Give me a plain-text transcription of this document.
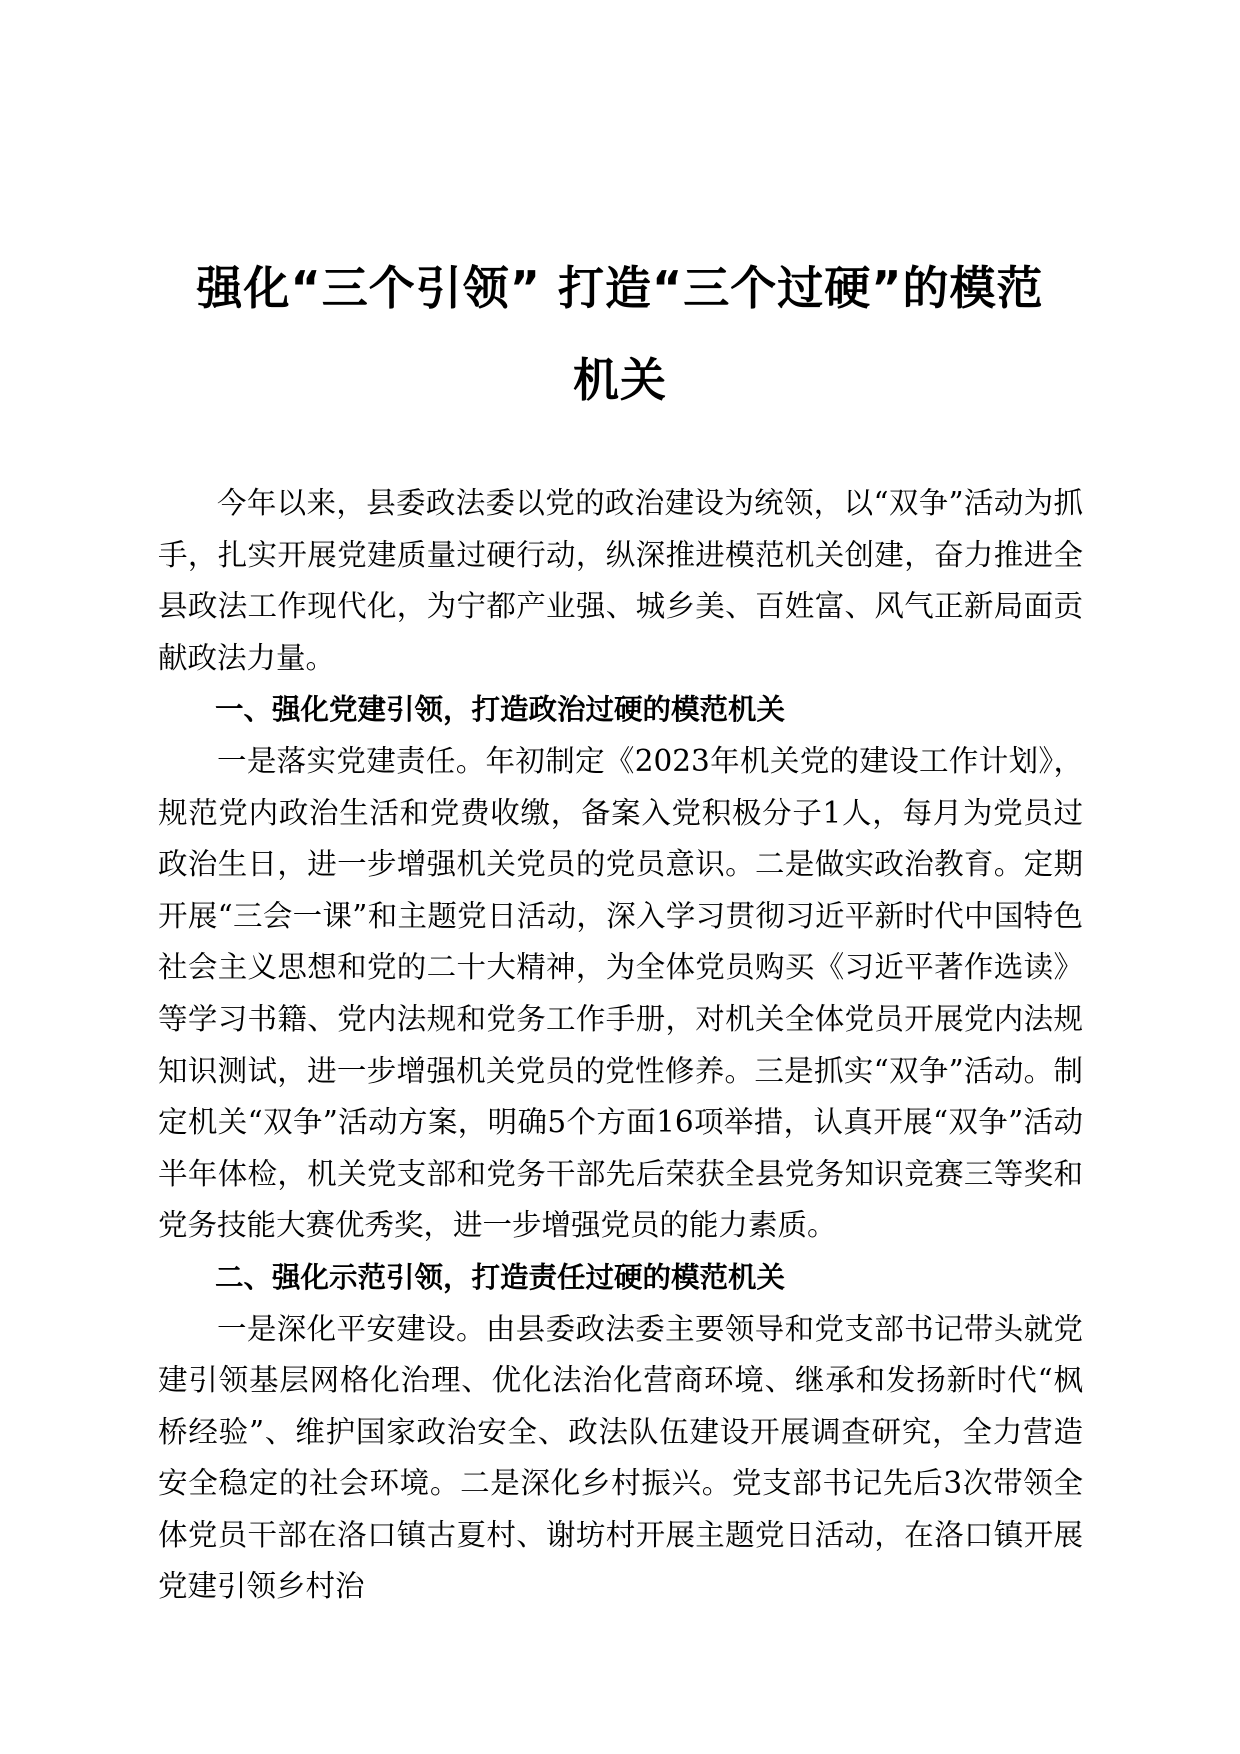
强化“三个引领” 打造“三个过硬”的模范
机关

今年以来，县委政法委以党的政治建设为统领，以“双争”活动为抓手，扎实开展党建质量过硬行动，纵深推进模范机关创建，奋力推进全县政法工作现代化，为宁都产业强、城乡美、百姓富、风气正新局面贡献政法力量。

一、强化党建引领，打造政治过硬的模范机关

一是落实党建责任。年初制定《2023年机关党的建设工作计划》，规范党内政治生活和党费收缴，备案入党积极分子1人，每月为党员过政治生日，进一步增强机关党员的党员意识。二是做实政治教育。定期开展“三会一课”和主题党日活动，深入学习贯彻习近平新时代中国特色社会主义思想和党的二十大精神，为全体党员购买《习近平著作选读》等学习书籍、党内法规和党务工作手册，对机关全体党员开展党内法规知识测试，进一步增强机关党员的党性修养。三是抓实“双争”活动。制定机关“双争”活动方案，明确5个方面16项举措，认真开展“双争”活动半年体检，机关党支部和党务干部先后荣获全县党务知识竞赛三等奖和党务技能大赛优秀奖，进一步增强党员的能力素质。

二、强化示范引领，打造责任过硬的模范机关

一是深化平安建设。由县委政法委主要领导和党支部书记带头就党建引领基层网格化治理、优化法治化营商环境、继承和发扬新时代“枫桥经验”、维护国家政治安全、政法队伍建设开展调查研究，全力营造安全稳定的社会环境。二是深化乡村振兴。党支部书记先后3次带领全体党员干部在洛口镇古夏村、谢坊村开展主题党日活动，在洛口镇开展党建引领乡村治
